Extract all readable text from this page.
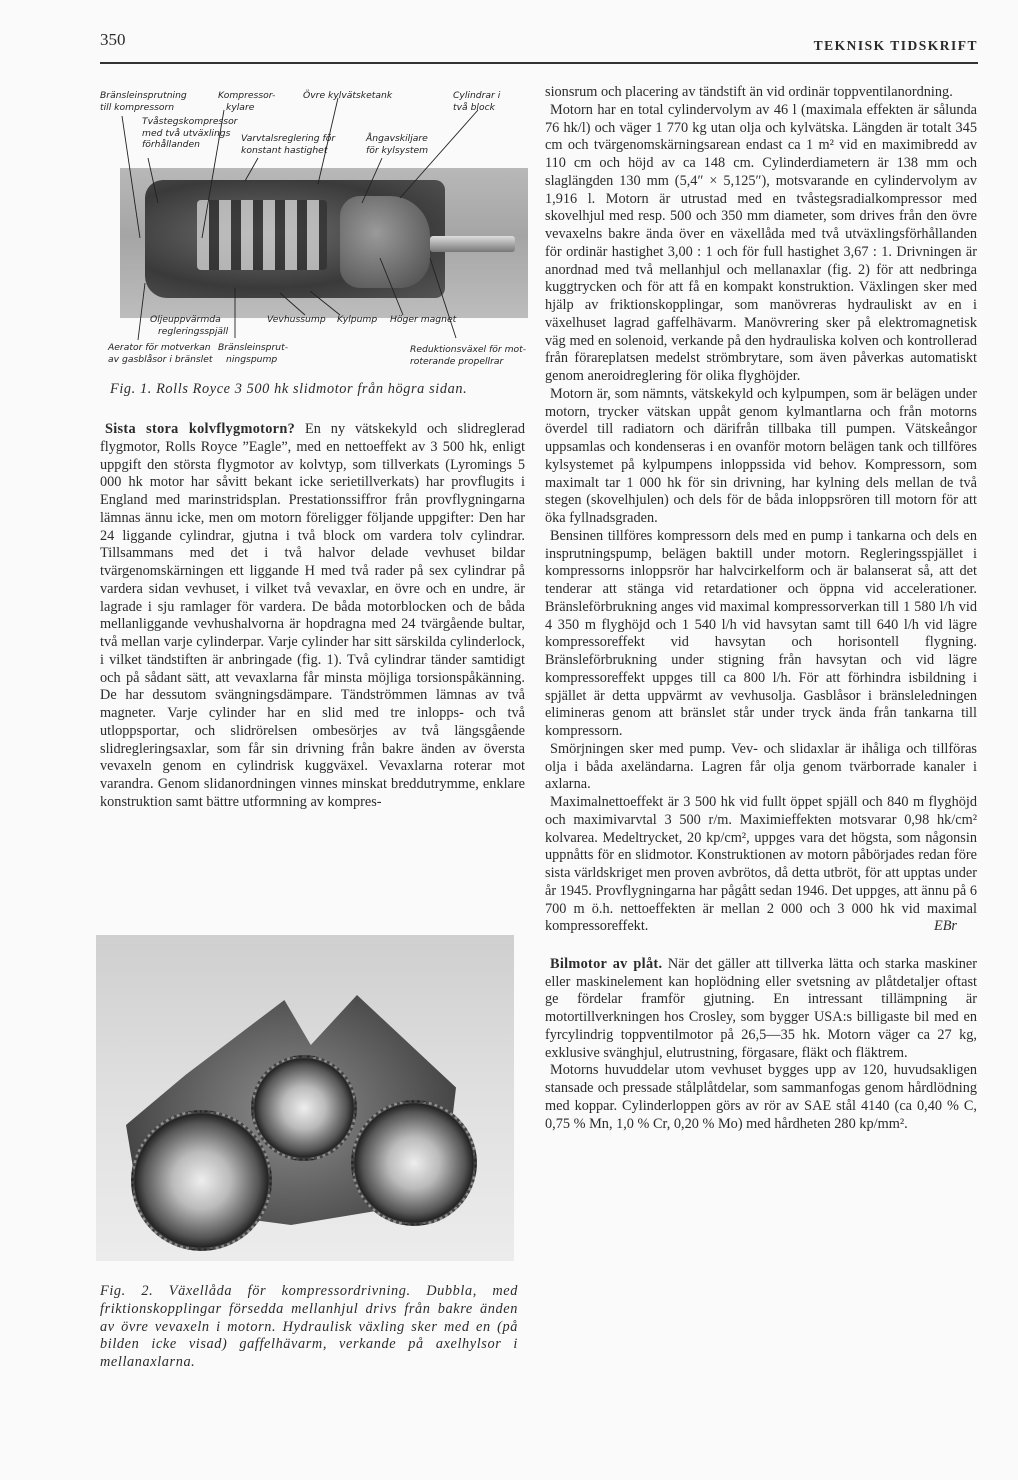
350	TEKNISK TIDSKRIFT
Bränsleinsprutning
till kompressorn
Kompressor-
kylare
Övre kylvätsketank	Cylindrar i
två block
Tvåstegskompressor
med två utväxlings
förhållanden
Varvtalsreglering för
konstant hastighet
Ångavskiljare
för kylsystem
Oljeuppvärmda
regleringsspjäll
Vevhussump Kylpump Höger magnet
Aerator för motverkan
av gasblåsor i bränslet
Bränsleinsprut-
ningspump
Reduktionsväxel för mot-
roterande propellrar
Fig. 1. Rolls Royce 3 500 hk slidmotor från högra sidan.

Sista stora kolvflygmotorn? En ny vätskekyld och slidreglerad flygmotor, Rolls Royce ”Eagle”, med en nettoeffekt av 3 500 hk, enligt uppgift den största flygmotor av kolvtyp, som tillverkats (Lyromings 5 000 hk motor har såvitt bekant icke serietillverkats) har provflugits i England med marinstridsplan. Prestationssiffror från provflygningarna lämnas ännu icke, men om motorn föreligger följande uppgifter: Den har 24 liggande cylindrar, gjutna i två block om vardera tolv cylindrar. Tillsammans med det i två halvor delade vevhuset bildar tvärgenomskärningen ett liggande H med två rader på sex cylindrar på vardera sidan vevhuset, i vilket två vevaxlar, en övre och en undre, är lagrade i sju ramlager för vardera. De båda motorblocken och de båda mellanliggande vevhushalvorna är hopdragna med 24 tvärgående bultar, två mellan varje cylinderpar. Varje cylinder har sitt särskilda cylinderlock, i vilket tändstiften är anbringade (fig. 1). Två cylindrar tänder samtidigt och på sådant sätt, att vevaxlarna får minsta möjliga torsionspåkänning. De har dessutom svängningsdämpare. Tändströmmen lämnas av två magneter. Varje cylinder har en slid med tre inlopps- och två utloppsportar, och slidrörelsen ombesörjes av två längsgående slidregleringsaxlar, som får sin drivning från bakre änden av översta vevaxeln genom en cylindrisk kuggväxel. Vevaxlarna roterar mot varandra. Genom slidanordningen vinnes minskat breddutrymme, enklare konstruktion samt bättre utformning av kompres-

Fig. 2. Växellåda för kompressordrivning. Dubbla, med friktionskopplingar försedda mellanhjul drivs från bakre änden av övre vevaxeln i motorn. Hydraulisk växling sker med en (på bilden icke visad) gaffelhävarm, verkande på axelhylsor i mellanaxlarna.

sionsrum och placering av tändstift än vid ordinär toppventilanordning.

Motorn har en total cylindervolym av 46 l (maximala effekten är sålunda 76 hk/l) och väger 1 770 kg utan olja och kylvätska. Längden är totalt 345 cm och tvärgenomskärningsarean endast ca 1 m² vid en maximibredd av 110 cm och höjd av ca 148 cm. Cylinderdiametern är 138 mm och slaglängden 130 mm (5,4″ × 5,125″), motsvarande en cylindervolym av 1,916 l. Motorn är utrustad med en tvåstegsradialkompressor med skovelhjul med resp. 500 och 350 mm diameter, som drives från den övre vevaxelns bakre ända över en växellåda med två utväxlingsförhållanden för ordinär hastighet 3,00 : 1 och för full hastighet 3,67 : 1. Drivningen är anordnad med två mellanhjul och mellanaxlar (fig. 2) för att nedbringa kuggtrycken och för att få en kompakt konstruktion. Växlingen sker med hjälp av friktionskopplingar, som manövreras hydrauliskt av en i växelhuset lagrad gaffelhävarm. Manövrering sker på elektromagnetisk väg med en solenoid, verkande på den hydrauliska kolven och kontrollerad från förareplatsen medelst strömbrytare, som även påverkas automatiskt genom aneroidreglering för olika flyghöjder.

Motorn är, som nämnts, vätskekyld och kylpumpen, som är belägen under motorn, trycker vätskan uppåt genom kylmantlarna och från motorns överdel till radiatorn och därifrån tillbaka till pumpen. Vätskeångor uppsamlas och kondenseras i en ovanför motorn belägen tank och tillföres kylsystemet på kylpumpens inloppssida vid behov. Kompressorn, som maximalt tar 1 000 hk för sin drivning, har kylning dels mellan de två stegen (skovelhjulen) och dels för de båda inloppsrören till motorn för att öka fyllnadsgraden.

Bensinen tillföres kompressorn dels med en pump i tankarna och dels en insprutningspump, belägen baktill under motorn. Regleringsspjället i kompressorns inloppsrör har halvcirkelform och är balanserat så, att det tenderar att stänga vid retardationer och öppna vid accelerationer. Bränsleförbrukning anges vid maximal kompressorverkan till 1 580 l/h vid 4 350 m flyghöjd och 1 540 l/h vid havsytan samt till 640 l/h vid lägre kompressoreffekt vid havsytan och horisontell flygning. Bränsleförbrukning under stigning från havsytan och vid lägre kompressoreffekt uppges till ca 800 l/h. För att förhindra isbildning i spjället är detta uppvärmt av vevhusolja. Gasblåsor i bränsleledningen elimineras genom att bränslet står under tryck ända från tankarna till kompressorn.

Smörjningen sker med pump. Vev- och slidaxlar är ihåliga och tillföras olja i båda axeländarna. Lagren får olja genom tvärborrade kanaler i axlarna.

Maximalnettoeffekt är 3 500 hk vid fullt öppet spjäll och 840 m flyghöjd och maximivarvtal 3 500 r/m. Maximieffekten motsvarar 0,98 hk/cm² kolvarea. Medeltrycket, 20 kp/cm², uppges vara det högsta, som någonsin uppnåtts för en slidmotor. Konstruktionen av motorn påbörjades redan före sista världskriget men proven avbrötos, då detta utbröt, för att upptas under år 1945. Provflygningarna har pågått sedan 1946. Det uppges, att ännu på 6 700 m ö.h. nettoeffekten är mellan 2 000 och 3 000 hk vid maximal kompressoreffekt.	EBr

Bilmotor av plåt. När det gäller att tillverka lätta och starka maskiner eller maskinelement kan hoplödning eller svetsning av plåtdetaljer oftast ge fördelar framför gjutning. En intressant tillämpning är motortillverkningen hos Crosley, som bygger USA:s billigaste bil med en fyrcylindrig toppventilmotor på 26,5—35 hk. Motorn väger ca 27 kg, exklusive svänghjul, elutrustning, förgasare, fläkt och fläktrem.

Motorns huvuddelar utom vevhuset bygges upp av 120, huvudsakligen stansade och pressade stålplåtdelar, som sammanfogas genom hårdlödning med koppar. Cylinderloppen görs av rör av SAE stål 4140 (ca 0,40 % C, 0,75 % Mn, 1,0 % Cr, 0,20 % Mo) med hårdheten 280 kp/mm².
